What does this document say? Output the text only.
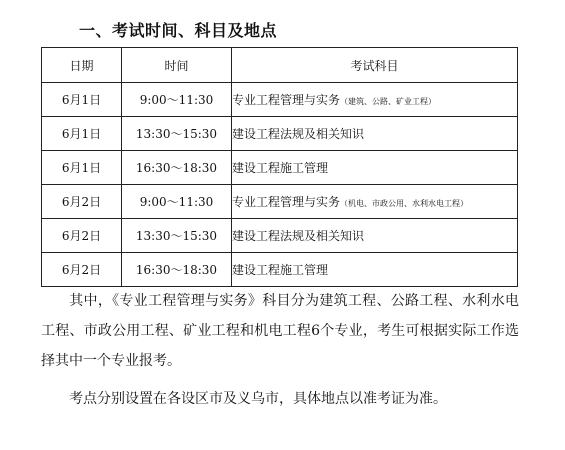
一、考试时间、科目及地点
日期	时间	考试科目
6月1日	9:00～11:30	专业工程管理与实务（建筑、公路、矿业工程）
6月1日	13:30～15:30	建设工程法规及相关知识
6月1日	16:30～18:30	建设工程施工管理
6月2日	9:00～11:30	专业工程管理与实务（机电、市政公用、水利水电工程）
6月2日	13:30～15:30	建设工程法规及相关知识
6月2日	16:30～18:30	建设工程施工管理
其中，《专业工程管理与实务》科目分为建筑工程、公路工程、水利水电工程、市政公用工程、矿业工程和机电工程6个专业，考生可根据实际工作选择其中一个专业报考。
考点分别设置在各设区市及义乌市，具体地点以准考证为准。
